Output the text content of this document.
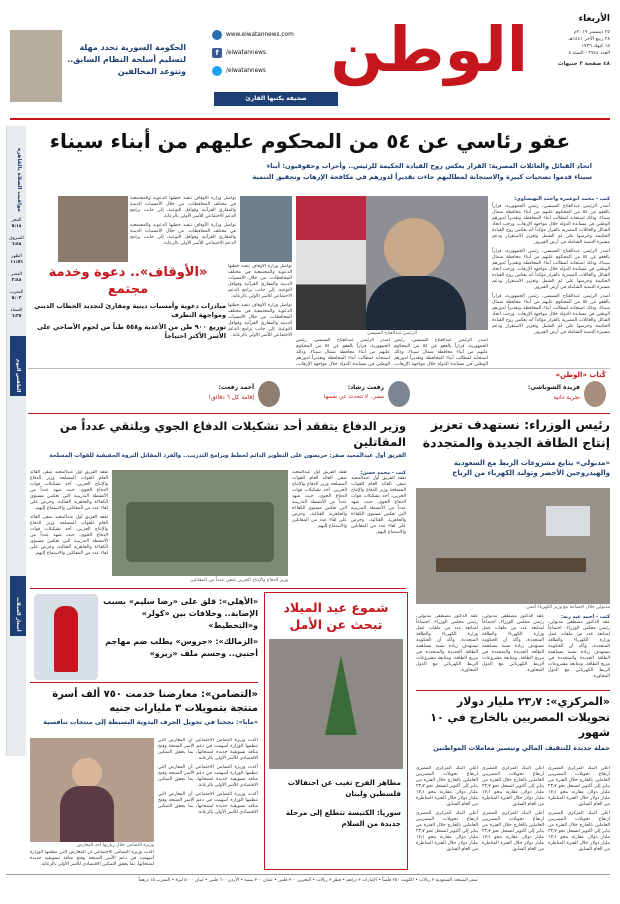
الأربعاء
٢٥ ديسمبر ٢٠١٩م
٢٨ ربيع الآخر ١٤٤١هـ
١٥ كيهك ١٧٣٦
العدد ٢٧٤٤ - السنة ٨
٤٨ صفحة ٣ جنيهات
الوطن
www.elwatannews.com
f	/elwatannews
/elwatannews
صحيفة يكتبها القارئ
الحكومة السورية تحدد مهلة لتسليم أسلحة النظام السابق.. وتتوعد المخالفين
عفو رئاسي عن ٥٤ من المحكوم عليهم من أبناء سيناء
اتحاد القبائل والعائلات المصرية: القرار يعكس روح القيادة الحكيمة للرئيس.. وأحزاب وحقوقيون: أبناء
سيناء قدموا تضحيات كبيرة والاستجابة لمطالبهم جاءت تقديراً لدورهم في مكافحة الإرهاب وتحقيق التنمية
كتب - محمد أبوعمرة وأحمد البهنساوي:
أصدر الرئيس عبدالفتاح السيسي، رئيس الجمهورية، قراراً بالعفو عن ٥٤ من المحكوم عليهم من أبناء محافظة شمال سيناء، وذلك استجابة لمطالب أبناء المحافظة وتقديراً لدورهم الوطني في مساندة الدولة خلال مواجهة الإرهاب، ورحب اتحاد القبائل والعائلات المصرية بالقرار مؤكداً أنه يعكس روح القيادة الحكيمة وحرصها على لم الشمل وتعزيز الاستقرار ودعم مسيرة التنمية الشاملة في أرض الفيروز.
أصدر الرئيس عبدالفتاح السيسي، رئيس الجمهورية، قراراً بالعفو عن ٥٤ من المحكوم عليهم من أبناء محافظة شمال سيناء، وذلك استجابة لمطالب أبناء المحافظة وتقديراً لدورهم الوطني في مساندة الدولة خلال مواجهة الإرهاب، ورحب اتحاد القبائل والعائلات المصرية بالقرار مؤكداً أنه يعكس روح القيادة الحكيمة وحرصها على لم الشمل وتعزيز الاستقرار ودعم مسيرة التنمية الشاملة في أرض الفيروز.
أصدر الرئيس عبدالفتاح السيسي، رئيس الجمهورية، قراراً بالعفو عن ٥٤ من المحكوم عليهم من أبناء محافظة شمال سيناء، وذلك استجابة لمطالب أبناء المحافظة وتقديراً لدورهم الوطني في مساندة الدولة خلال مواجهة الإرهاب، ورحب اتحاد القبائل والعائلات المصرية بالقرار مؤكداً أنه يعكس روح القيادة الحكيمة وحرصها على لم الشمل وتعزيز الاستقرار ودعم مسيرة التنمية الشاملة في أرض الفيروز.
الرئيس عبدالفتاح السيسي
أصدر الرئيس عبدالفتاح السيسي، رئيس الجمهورية، قراراً بالعفو عن ٥٤ من المحكوم عليهم من أبناء محافظة شمال سيناء، وذلك استجابة لمطالب أبناء المحافظة وتقديراً لدورهم الوطني في مساندة الدولة خلال مواجهة الإرهاب،
أصدر الرئيس عبدالفتاح السيسي، رئيس الجمهورية، قراراً بالعفو عن ٥٤ من المحكوم عليهم من أبناء محافظة شمال سيناء، وذلك استجابة لمطالب أبناء المحافظة وتقديراً لدورهم الوطني في مساندة الدولة خلال مواجهة الإرهاب،
مواقيت الصلاة بالقاهرة
الفجر
٥:١٨
الشروق
٦:٤٨
الظهر
١١:٥٦
العصر
٢:٤٨
المغرب
٥:٠٣
العشاء
٦:٢٥
الطقس اليوم
أسعار العملات
تواصل وزارة الأوقاف تنفيذ خطتها الدعوية والمجتمعية في مختلف المحافظات، من خلال الأمسيات الدينية والمقارئ القرآنية وقوافل التوعية، إلى جانب برامج الدعم الاجتماعي للأسر الأولى بالرعاية.
تواصل وزارة الأوقاف تنفيذ خطتها الدعوية والمجتمعية في مختلف المحافظات، من خلال الأمسيات الدينية والمقارئ القرآنية وقوافل التوعية، إلى جانب برامج الدعم الاجتماعي للأسر الأولى بالرعاية.
«الأوقاف».. دعوة وخدمة مجتمع
مبادرات دعوية وأمسيات دينية ومقارئ لتجديد الخطاب الديني ومواجهة التطرف
توزيع ٩٠٠ طن من الأغذية و٥٥٨ طناً من لحوم الأضاحي على الأسر الأكثر احتياجاً
تواصل وزارة الأوقاف تنفيذ خطتها الدعوية والمجتمعية في مختلف المحافظات، من خلال الأمسيات الدينية والمقارئ القرآنية وقوافل التوعية، إلى جانب برامج الدعم الاجتماعي للأسر الأولى بالرعاية.
تواصل وزارة الأوقاف تنفيذ خطتها الدعوية والمجتمعية في مختلف المحافظات، من خلال الأمسيات الدينية والمقارئ القرآنية وقوافل التوعية، إلى جانب برامج الدعم الاجتماعي للأسر الأولى بالرعاية.
كُتاب «الوطن»
فريدة الشوباشي:
تجربة ذاتية
رفعت رشاد:
مصر.. لا تتحدث عن نفسها
أحمد رفعت:
إقامة كل ٦ دقائق!
رئيس الوزراء: نستهدف تعزيز إنتاج الطاقة الجديدة والمتجددة
«مدبولي» يتابع مشروعات الربط مع السعودية والهيدروجين الأخضر وتوليد الكهرباء من الرياح
مدبولي خلال اجتماعه مع وزير الكهرباء أمس
كتب - أحمد عبد ربه:
عقد الدكتور مصطفى مدبولي، رئيس مجلس الوزراء، اجتماعاً لمتابعة عدد من ملفات عمل وزارة الكهرباء والطاقة المتجددة، وأكد أن الحكومة تستهدف زيادة نسبة مساهمة الطاقة الجديدة والمتجددة في مزيج الطاقة، ومتابعة مشروعات الربط الكهربائي مع الدول المجاورة.
عقد الدكتور مصطفى مدبولي، رئيس مجلس الوزراء، اجتماعاً لمتابعة عدد من ملفات عمل وزارة الكهرباء والطاقة المتجددة، وأكد أن الحكومة تستهدف زيادة نسبة مساهمة الطاقة الجديدة والمتجددة في مزيج الطاقة، ومتابعة مشروعات الربط الكهربائي مع الدول المجاورة.
عقد الدكتور مصطفى مدبولي، رئيس مجلس الوزراء، اجتماعاً لمتابعة عدد من ملفات عمل وزارة الكهرباء والطاقة المتجددة، وأكد أن الحكومة تستهدف زيادة نسبة مساهمة الطاقة الجديدة والمتجددة في مزيج الطاقة، ومتابعة مشروعات الربط الكهربائي مع الدول المجاورة.
وزير الدفاع يتفقد أحد تشكيلات الدفاع الجوي ويلتقي عدداً من المقاتلين
الفريق أول عبدالمجيد صقر: حريصون على التطوير الدائم لخطط وبرامج التدريب.. والفرد المقاتل الثروة الحقيقية للقوات المسلحة
كتب - محمد حسن:
تفقد الفريق أول عبدالمجيد صقر، القائد العام للقوات المسلحة وزير الدفاع والإنتاج الحربي، أحد تشكيلات قوات الدفاع الجوي، حيث شهد عدداً من الأنشطة التدريبية التي تعكس مستوى الكفاءة والجاهزية القتالية، وحرص على لقاء عدد من المقاتلين والاستماع إليهم.
تفقد الفريق أول عبدالمجيد صقر، القائد العام للقوات المسلحة وزير الدفاع والإنتاج الحربي، أحد تشكيلات قوات الدفاع الجوي، حيث شهد عدداً من الأنشطة التدريبية التي تعكس مستوى الكفاءة والجاهزية القتالية، وحرص على لقاء عدد من المقاتلين والاستماع إليهم.
وزير الدفاع والإنتاج الحربي يلتقي عدداً من المقاتلين
تفقد الفريق أول عبدالمجيد صقر، القائد العام للقوات المسلحة وزير الدفاع والإنتاج الحربي، أحد تشكيلات قوات الدفاع الجوي، حيث شهد عدداً من الأنشطة التدريبية التي تعكس مستوى الكفاءة والجاهزية القتالية، وحرص على لقاء عدد من المقاتلين والاستماع إليهم.
تفقد الفريق أول عبدالمجيد صقر، القائد العام للقوات المسلحة وزير الدفاع والإنتاج الحربي، أحد تشكيلات قوات الدفاع الجوي، حيث شهد عدداً من الأنشطة التدريبية التي تعكس مستوى الكفاءة والجاهزية القتالية، وحرص على لقاء عدد من المقاتلين والاستماع إليهم.
«الأهلي»: قلق على «رضا سليم» بسبب الإصابة.. وخلافات بين «كولر» و«التخطيط»
«الزمالك»: «جروس» يطلب ضم مهاجم أجنبي.. وحسم ملف «زيزو»
شموع عيد الميلاد تبحث عن الأمل
مظاهر الفرح تغيب عن احتفالات فلسطين ولبنان
سوريا: الكنيسة تتطلع إلى مرحلة جديدة من السلام
«التضامن»: معارضنا خدمت ٧٥٠ ألف أسرة منتجة بتمويلات ٣ مليارات جنيه
«مايا»: نجحنا في تحويل الحرف اليدوية البسيطة إلى منتجات تنافسية
وزيرة التضامن خلال زيارتها أحد المعارض
أكدت وزيرة التضامن الاجتماعي أن المعارض التي تنظمها الوزارة أسهمت في دعم الأسر المنتجة وفتح منافذ تسويقية جديدة لمنتجاتها، بما يحقق التمكين الاقتصادي للأسر الأولى بالرعاية.
أكدت وزيرة التضامن الاجتماعي أن المعارض التي تنظمها الوزارة أسهمت في دعم الأسر المنتجة وفتح منافذ تسويقية جديدة لمنتجاتها، بما يحقق التمكين الاقتصادي للأسر الأولى بالرعاية.
أكدت وزيرة التضامن الاجتماعي أن المعارض التي تنظمها الوزارة أسهمت في دعم الأسر المنتجة وفتح منافذ تسويقية جديدة لمنتجاتها، بما يحقق التمكين الاقتصادي للأسر الأولى بالرعاية.
أكدت وزيرة التضامن الاجتماعي أن المعارض التي تنظمها الوزارة أسهمت في دعم الأسر المنتجة وفتح منافذ تسويقية جديدة لمنتجاتها، بما يحقق التمكين الاقتصادي للأسر الأولى بالرعاية.
«المركزي»: ٢٣٫٧ مليار دولار تحويلات المصريين بالخارج في ١٠ شهور
حملة جديدة للتثقيف المالي وتيسير معاملات المواطنين
أعلن البنك المركزي المصري ارتفاع تحويلات المصريين العاملين بالخارج خلال الفترة من يناير إلى أكتوبر لتسجل نحو ٢٣٫٧ مليار دولار، مقارنة بنحو ١٧٫١ مليار دولار خلال الفترة المناظرة من العام السابق.
أعلن البنك المركزي المصري ارتفاع تحويلات المصريين العاملين بالخارج خلال الفترة من يناير إلى أكتوبر لتسجل نحو ٢٣٫٧ مليار دولار، مقارنة بنحو ١٧٫١ مليار دولار خلال الفترة المناظرة من العام السابق.
أعلن البنك المركزي المصري ارتفاع تحويلات المصريين العاملين بالخارج خلال الفترة من يناير إلى أكتوبر لتسجل نحو ٢٣٫٧ مليار دولار، مقارنة بنحو ١٧٫١ مليار دولار خلال الفترة المناظرة من العام السابق.
أعلن البنك المركزي المصري ارتفاع تحويلات المصريين العاملين بالخارج خلال الفترة من يناير إلى أكتوبر لتسجل نحو ٢٣٫٧ مليار دولار، مقارنة بنحو ١٧٫١ مليار دولار خلال الفترة المناظرة من العام السابق.
أعلن البنك المركزي المصري ارتفاع تحويلات المصريين العاملين بالخارج خلال الفترة من يناير إلى أكتوبر لتسجل نحو ٢٣٫٧ مليار دولار، مقارنة بنحو ١٧٫١ مليار دولار خلال الفترة المناظرة من العام السابق.
أعلن البنك المركزي المصري ارتفاع تحويلات المصريين العاملين بالخارج خلال الفترة من يناير إلى أكتوبر لتسجل نحو ٢٣٫٧ مليار دولار، مقارنة بنحو ١٧٫١ مليار دولار خلال الفترة المناظرة من العام السابق.
سعر النسخة: السعودية ٣ ريالات • الكويت ٢٥٠ فلساً • الإمارات ٣ دراهم • قطر ٣ ريالات • البحرين ٣٠٠ فلس • عمان ٣٠٠ بيسة • الأردن ٦٠٠ فلس • لبنان ٥٠٠٠ ليرة • المغرب ١٥ درهماً
